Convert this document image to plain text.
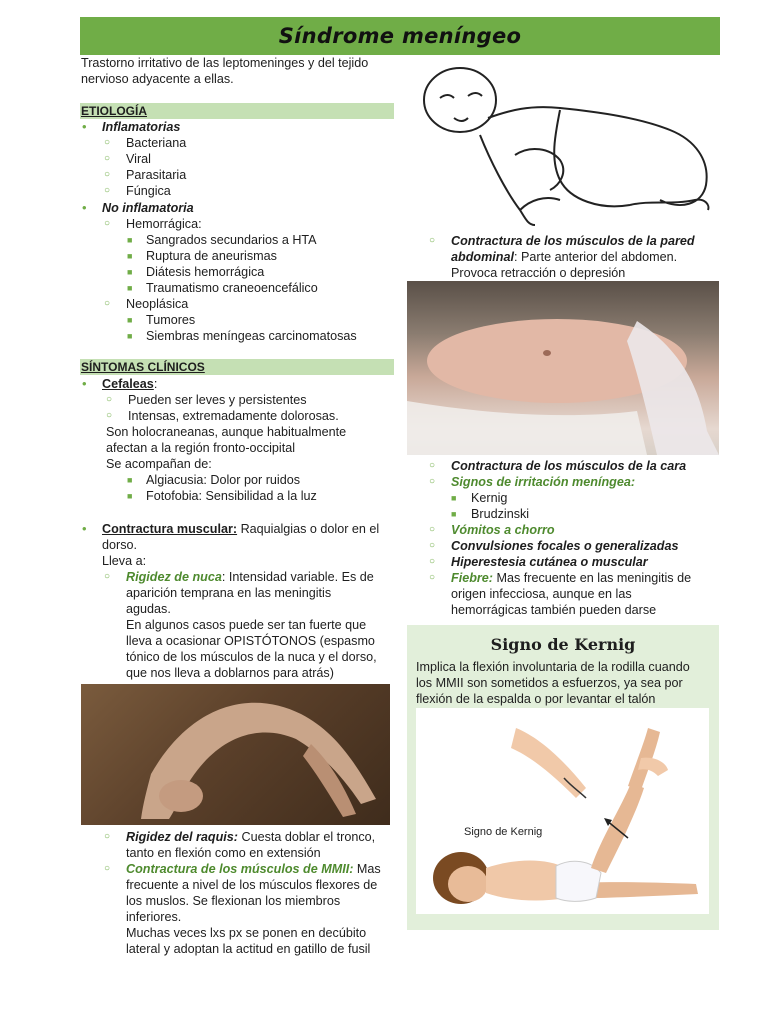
Síndrome meníngeo
Trastorno irritativo de las leptomeninges y del tejido
nervioso adyacente a ellas.
ETIOLOGÍA
• Inflamatorias
○ Bacteriana
○ Viral
○ Parasitaria
○ Fúngica
• No inflamatoria
○ Hemorrágica:
■ Sangrados secundarios a HTA
■ Ruptura de aneurismas
■ Diátesis hemorrágica
■ Traumatismo craneoencefálico
○ Neoplásica
■ Tumores
■ Siembras meníngeas carcinomatosas
SÍNTOMAS CLÍNICOS
• Cefaleas:
○ Pueden ser leves y persistentes
○ Intensas, extremadamente dolorosas.
Son holocraneanas, aunque habitualmente
afectan a la región fronto-occipital
Se acompañan de:
■ Algiacusia: Dolor por ruidos
■ Fotofobia: Sensibilidad a la luz
• Contractura muscular: Raquialgias o dolor en el
dorso.
Lleva a:
○ Rigidez de nuca: Intensidad variable. Es de
aparición temprana en las meningitis
agudas.
En algunos casos puede ser tan fuerte que
lleva a ocasionar OPISTÓTONOS (espasmo
tónico de los músculos de la nuca y el dorso,
que nos lleva a doblarnos para atrás)
○ Rigidez del raquis: Cuesta doblar el tronco,
tanto en flexión como en extensión
○ Contractura de los músculos de MMII: Mas
frecuente a nivel de los músculos flexores de
los muslos. Se flexionan los miembros
inferiores.
Muchas veces lxs px se ponen en decúbito
lateral y adoptan la actitud en gatillo de fusil
○ Contractura de los músculos de la pared
abdominal: Parte anterior del abdomen.
Provoca retracción o depresión
○ Contractura de los músculos de la cara
○ Signos de irritación meníngea:
■ Kernig
■ Brudzinski
○ Vómitos a chorro
○ Convulsiones focales o generalizadas
○ Hiperestesia cutánea o muscular
○ Fiebre: Mas frecuente en las meningitis de
origen infecciosa, aunque en las
hemorrágicas también pueden darse
Signo de Kernig
Implica la flexión involuntaria de la rodilla cuando
los MMII son sometidos a esfuerzos, ya sea por
flexión de la espalda o por levantar el talón
Signo de Kernig
